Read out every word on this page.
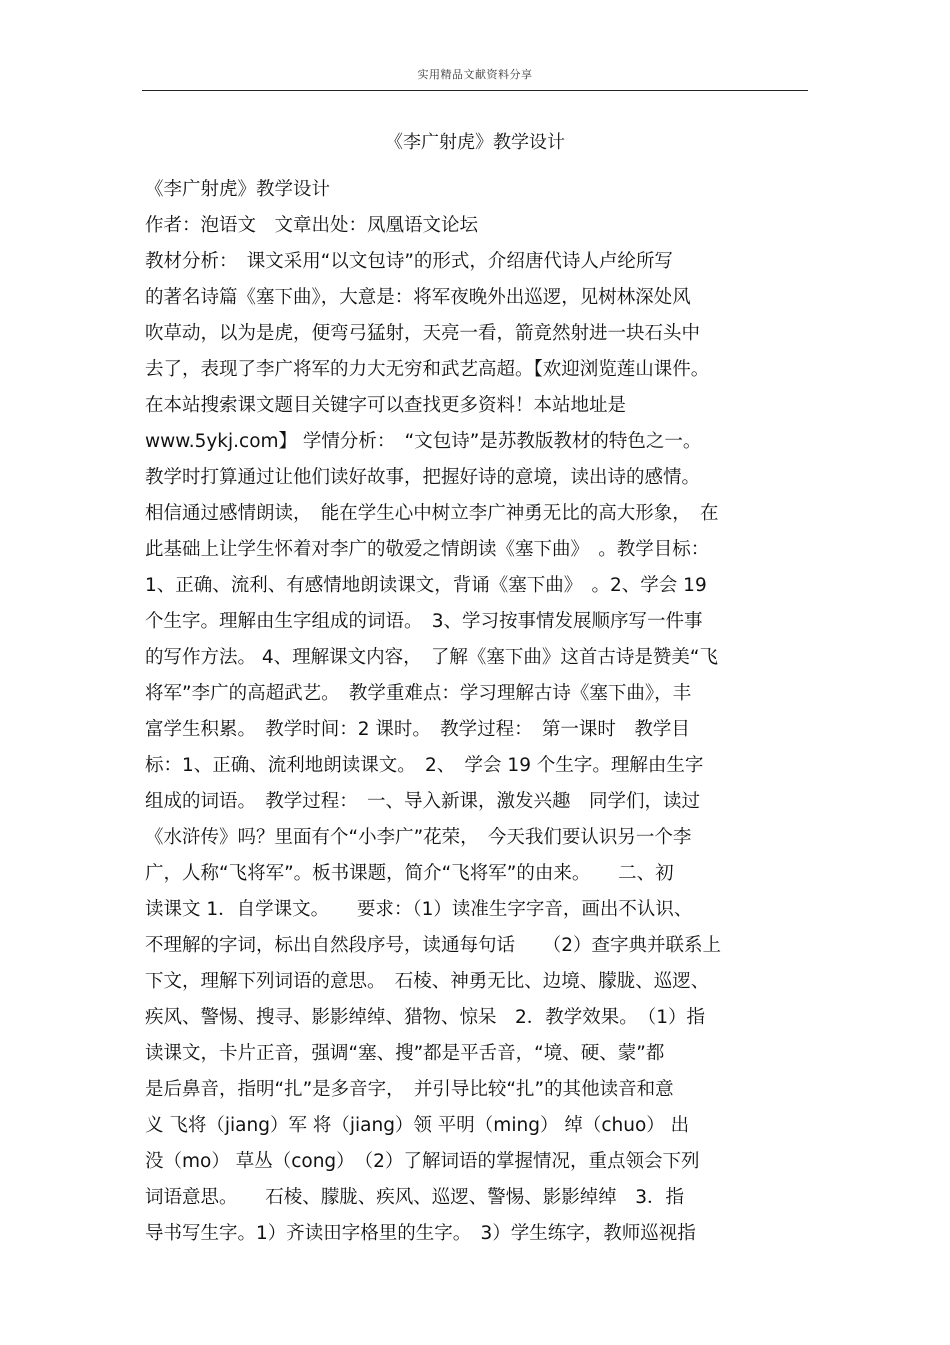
实用精品文献资料分享
《李广射虎》教学设计
《李广射虎》教学设计
作者：泡语文　文章出处：凤凰语文论坛
教材分析：　课文采用“以文包诗”的形式，介绍唐代诗人卢纶所写
的著名诗篇《塞下曲》，大意是：将军夜晚外出巡逻，见树林深处风
吹草动，以为是虎，便弯弓猛射，天亮一看，箭竟然射进一块石头中
去了，表现了李广将军的力大无穷和武艺高超。【欢迎浏览莲山课件。
在本站搜索课文题目关键字可以查找更多资料！本站地址是
www.5ykj.com】 学情分析：　“文包诗”是苏教版教材的特色之一。
教学时打算通过让他们读好故事，把握好诗的意境，读出诗的感情。
相信通过感情朗读，　能在学生心中树立李广神勇无比的高大形象，　在
此基础上让学生怀着对李广的敬爱之情朗读《塞下曲》　。教学目标：
1、正确、流利、有感情地朗读课文，背诵《塞下曲》　。2、学会 19
个生字。理解由生字组成的词语。　3、学习按事情发展顺序写一件事
的写作方法。 4、理解课文内容，　了解《塞下曲》这首古诗是赞美“飞
将军”李广的高超武艺。　教学重难点：学习理解古诗《塞下曲》，丰
富学生积累。　教学时间：2 课时。　教学过程：　第一课时　教学目
标：1、正确、流利地朗读课文。　2、　学会 19 个生字。理解由生字
组成的词语。　教学过程：　一、导入新课，激发兴趣　同学们，读过
《水浒传》吗？里面有个“小李广”花荣，　今天我们要认识另一个李
广，人称“飞将军”。板书课题，简介“飞将军”的由来。　　二、初
读课文 1．自学课文。　　要求：（1）读准生字字音，画出不认识、
不理解的字词，标出自然段序号，读通每句话　　（2）查字典并联系上
下文，理解下列词语的意思。　石棱、神勇无比、边境、朦胧、巡逻、
疾风、警惕、搜寻、影影绰绰、猎物、惊呆　2．教学效果。　（1）指
读课文，卡片正音，强调“塞、搜”都是平舌音，“境、硬、蒙”都
是后鼻音，指明“扎”是多音字，　并引导比较“扎”的其他读音和意
义 飞将（jiang）军 将（jiang）领 平明（ming） 绰（chuo） 出
没（mo） 草丛（cong）　（2）了解词语的掌握情况，重点领会下列
词语意思。　　石棱、朦胧、疾风、巡逻、警惕、影影绰绰　3．指
导书写生字。1）齐读田字格里的生字。　3）学生练字，教师巡视指
